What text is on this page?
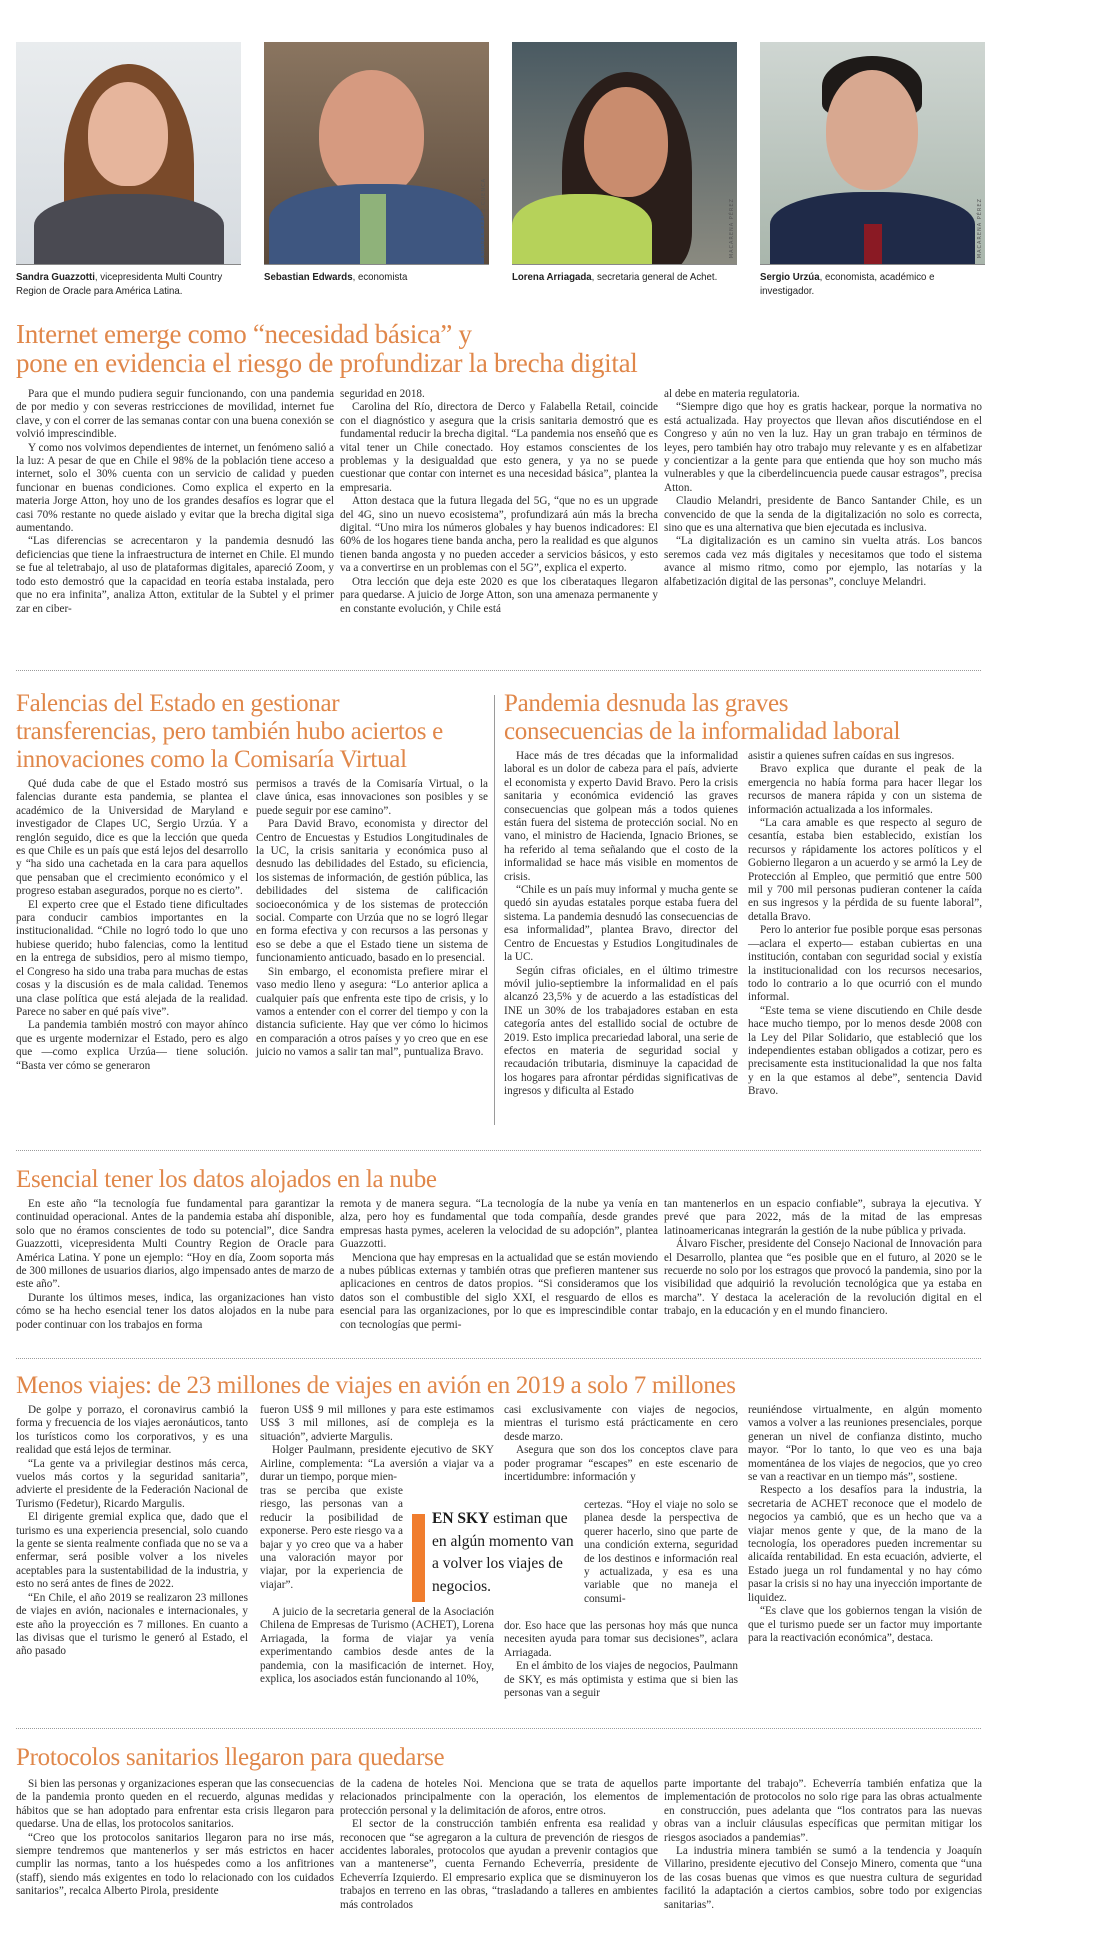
Sandra Guazzotti, vicepresidenta Multi Country Region de Oracle para América Latina.
ANDRÉS PÉREZ CUENCA
Sebastian Edwards, economista
MACARENA PÉREZ
Lorena Arriagada, secretaria general de Achet.
MACARENA PÉREZ
Sergio Urzúa, economista, académico e investigador.
Internet emerge como “necesidad básica” y
pone en evidencia el riesgo de profundizar la brecha digital

Para que el mundo pudiera seguir funcionando, con una pandemia de por medio y con severas restricciones de movilidad, internet fue clave, y con el correr de las semanas contar con una buena conexión se volvió imprescindible.

Y como nos volvimos dependientes de internet, un fenómeno salió a la luz: A pesar de que en Chile el 98% de la población tiene acceso a internet, solo el 30% cuenta con un servicio de calidad y pueden funcionar en buenas condiciones. Como explica el experto en la materia Jorge Atton, hoy uno de los grandes desafíos es lograr que el casi 70% restante no quede aislado y evitar que la brecha digital siga aumentando.

“Las diferencias se acrecentaron y la pandemia desnudó las deficiencias que tiene la infraestructura de internet en Chile. El mundo se fue al teletrabajo, al uso de plataformas digitales, apareció Zoom, y todo esto demostró que la capacidad en teoría estaba instalada, pero que no era infinita”, analiza Atton, extitular de la Subtel y el primer zar en ciber-

seguridad en 2018.

Carolina del Río, directora de Derco y Falabella Retail, coincide con el diagnóstico y asegura que la crisis sanitaria demostró que es fundamental reducir la brecha digital. “La pandemia nos enseñó que es vital tener un Chile conectado. Hoy estamos conscientes de los problemas y la desigualdad que esto genera, y ya no se puede cuestionar que contar con internet es una necesidad básica”, plantea la empresaria.

Atton destaca que la futura llegada del 5G, “que no es un upgrade del 4G, sino un nuevo ecosistema”, profundizará aún más la brecha digital. “Uno mira los números globales y hay buenos indicadores: El 60% de los hogares tiene banda ancha, pero la realidad es que algunos tienen banda angosta y no pueden acceder a servicios básicos, y esto va a convertirse en un problemas con el 5G”, explica el experto.

Otra lección que deja este 2020 es que los ciberataques llegaron para quedarse. A juicio de Jorge Atton, son una amenaza permanente y en constante evolución, y Chile está

al debe en materia regulatoria.

“Siempre digo que hoy es gratis hackear, porque la normativa no está actualizada. Hay proyectos que llevan años discutiéndose en el Congreso y aún no ven la luz. Hay un gran trabajo en términos de leyes, pero también hay otro trabajo muy relevante y es en alfabetizar y concientizar a la gente para que entienda que hoy son mucho más vulnerables y que la ciberdelincuencia puede causar estragos”, precisa Atton.

Claudio Melandri, presidente de Banco Santander Chile, es un convencido de que la senda de la digitalización no solo es correcta, sino que es una alternativa que bien ejecutada es inclusiva.

“La digitalización es un camino sin vuelta atrás. Los bancos seremos cada vez más digitales y necesitamos que todo el sistema avance al mismo ritmo, como por ejemplo, las notarías y la alfabetización digital de las personas”, concluye Melandri.

Falencias del Estado en gestionar
transferencias, pero también hubo aciertos e
innovaciones como la Comisaría Virtual

Qué duda cabe de que el Estado mostró sus falencias durante esta pandemia, se plantea el académico de la Universidad de Maryland e investigador de Clapes UC, Sergio Urzúa. Y a renglón seguido, dice es que la lección que queda es que Chile es un país que está lejos del desarrollo y “ha sido una cachetada en la cara para aquellos que pensaban que el crecimiento económico y el progreso estaban asegurados, porque no es cierto”.

El experto cree que el Estado tiene dificultades para conducir cambios importantes en la institucionalidad. “Chile no logró todo lo que uno hubiese querido; hubo falencias, como la lentitud en la entrega de subsidios, pero al mismo tiempo, el Congreso ha sido una traba para muchas de estas cosas y la discusión es de mala calidad. Tenemos una clase política que está alejada de la realidad. Parece no saber en qué país vive”.

La pandemia también mostró con mayor ahínco que es urgente modernizar el Estado, pero es algo que —como explica Urzúa— tiene solución. “Basta ver cómo se generaron

permisos a través de la Comisaría Virtual, o la clave única, esas innovaciones son posibles y se puede seguir por ese camino”.

Para David Bravo, economista y director del Centro de Encuestas y Estudios Longitudinales de la UC, la crisis sanitaria y económica puso al desnudo las debilidades del Estado, su eficiencia, los sistemas de información, de gestión pública, las debilidades del sistema de calificación socioeconómica y de los sistemas de protección social. Comparte con Urzúa que no se logró llegar en forma efectiva y con recursos a las personas y eso se debe a que el Estado tiene un sistema de funcionamiento anticuado, basado en lo presencial.

Sin embargo, el economista prefiere mirar el vaso medio lleno y asegura: “Lo anterior aplica a cualquier país que enfrenta este tipo de crisis, y lo vamos a entender con el correr del tiempo y con la distancia suficiente. Hay que ver cómo lo hicimos en comparación a otros países y yo creo que en ese juicio no vamos a salir tan mal”, puntualiza Bravo.

Pandemia desnuda las graves
consecuencias de la informalidad laboral

Hace más de tres décadas que la informalidad laboral es un dolor de cabeza para el país, advierte el economista y experto David Bravo. Pero la crisis sanitaria y económica evidenció las graves consecuencias que golpean más a todos quienes están fuera del sistema de protección social. No en vano, el ministro de Hacienda, Ignacio Briones, se ha referido al tema señalando que el costo de la informalidad se hace más visible en momentos de crisis.

“Chile es un país muy informal y mucha gente se quedó sin ayudas estatales porque estaba fuera del sistema. La pandemia desnudó las consecuencias de esa informalidad”, plantea Bravo, director del Centro de Encuestas y Estudios Longitudinales de la UC.

Según cifras oficiales, en el último trimestre móvil julio-septiembre la informalidad en el país alcanzó 23,5% y de acuerdo a las estadísticas del INE un 30% de los trabajadores estaban en esta categoría antes del estallido social de octubre de 2019. Esto implica precariedad laboral, una serie de efectos en materia de seguridad social y recaudación tributaria, disminuye la capacidad de los hogares para afrontar pérdidas significativas de ingresos y dificulta al Estado

asistir a quienes sufren caídas en sus ingresos.

Bravo explica que durante el peak de la emergencia no había forma para hacer llegar los recursos de manera rápida y con un sistema de información actualizada a los informales.

“La cara amable es que respecto al seguro de cesantía, estaba bien establecido, existían los recursos y rápidamente los actores políticos y el Gobierno llegaron a un acuerdo y se armó la Ley de Protección al Empleo, que permitió que entre 500 mil y 700 mil personas pudieran contener la caída en sus ingresos y la pérdida de su fuente laboral”, detalla Bravo.

Pero lo anterior fue posible porque esas personas —aclara el experto— estaban cubiertas en una institución, contaban con seguridad social y existía la institucionalidad con los recursos necesarios, todo lo contrario a lo que ocurrió con el mundo informal.

“Este tema se viene discutiendo en Chile desde hace mucho tiempo, por lo menos desde 2008 con la Ley del Pilar Solidario, que estableció que los independientes estaban obligados a cotizar, pero es precisamente esta institucionalidad la que nos falta y en la que estamos al debe”, sentencia David Bravo.

Esencial tener los datos alojados en la nube

En este año “la tecnología fue fundamental para garantizar la continuidad operacional. Antes de la pandemia estaba ahí disponible, solo que no éramos conscientes de todo su potencial”, dice Sandra Guazzotti, vicepresidenta Multi Country Region de Oracle para América Latina. Y pone un ejemplo: “Hoy en día, Zoom soporta más de 300 millones de usuarios diarios, algo impensado antes de marzo de este año”.

Durante los últimos meses, indica, las organizaciones han visto cómo se ha hecho esencial tener los datos alojados en la nube para poder continuar con los trabajos en forma

remota y de manera segura. “La tecnología de la nube ya venía en alza, pero hoy es fundamental que toda compañía, desde grandes empresas hasta pymes, aceleren la velocidad de su adopción”, plantea Guazzotti.

Menciona que hay empresas en la actualidad que se están moviendo a nubes públicas externas y también otras que prefieren mantener sus aplicaciones en centros de datos propios. “Si consideramos que los datos son el combustible del siglo XXI, el resguardo de ellos es esencial para las organizaciones, por lo que es imprescindible contar con tecnologías que permi-

tan mantenerlos en un espacio confiable”, subraya la ejecutiva. Y prevé que para 2022, más de la mitad de las empresas latinoamericanas integrarán la gestión de la nube pública y privada.

Álvaro Fischer, presidente del Consejo Nacional de Innovación para el Desarrollo, plantea que “es posible que en el futuro, al 2020 se le recuerde no solo por los estragos que provocó la pandemia, sino por la visibilidad que adquirió la revolución tecnológica que ya estaba en marcha”. Y destaca la aceleración de la revolución digital en el trabajo, en la educación y en el mundo financiero.

Menos viajes: de 23 millones de viajes en avión en 2019 a solo 7 millones

De golpe y porrazo, el coronavirus cambió la forma y frecuencia de los viajes aeronáuticos, tanto los turísticos como los corporativos, y es una realidad que está lejos de terminar.

“La gente va a privilegiar destinos más cerca, vuelos más cortos y la seguridad sanitaria”, advierte el presidente de la Federación Nacional de Turismo (Fedetur), Ricardo Margulis.

El dirigente gremial explica que, dado que el turismo es una experiencia presencial, solo cuando la gente se sienta realmente confiada que no se va a enfermar, será posible volver a los niveles aceptables para la sustentabilidad de la industria, y esto no será antes de fines de 2022.

“En Chile, el año 2019 se realizaron 23 millones de viajes en avión, nacionales e internacionales, y este año la proyección es 7 millones. En cuanto a las divisas que el turismo le generó al Estado, el año pasado

fueron US$ 9 mil millones y para este estimamos US$ 3 mil millones, así de compleja es la situación”, advierte Margulis.

Holger Paulmann, presidente ejecutivo de SKY Airline, complementa: “La aversión a viajar va a durar un tiempo, porque mien-

tras se perciba que existe riesgo, las personas van a reducir la posibilidad de exponerse. Pero este riesgo va a bajar y yo creo que va a haber una valoración mayor por viajar, por la experiencia de viajar”.

A juicio de la secretaria general de la Asociación Chilena de Empresas de Turismo (ACHET), Lorena Arriagada, la forma de viajar ya venía experimentando cambios desde antes de la pandemia, con la masificación de internet. Hoy, explica, los asociados están funcionando al 10%,

EN SKY estiman que en algún momento van a volver los viajes de negocios.

casi exclusivamente con viajes de negocios, mientras el turismo está prácticamente en cero desde marzo.

Asegura que son dos los conceptos clave para poder programar “escapes” en este escenario de incertidumbre: información y

certezas. “Hoy el viaje no solo se planea desde la perspectiva de querer hacerlo, sino que parte de una condición externa, seguridad de los destinos e información real y actualizada, y esa es una variable que no maneja el consumi-

dor. Eso hace que las personas hoy más que nunca necesiten ayuda para tomar sus decisiones”, aclara Arriagada.

En el ámbito de los viajes de negocios, Paulmann de SKY, es más optimista y estima que si bien las personas van a seguir

reuniéndose virtualmente, en algún momento vamos a volver a las reuniones presenciales, porque generan un nivel de confianza distinto, mucho mayor. “Por lo tanto, lo que veo es una baja momentánea de los viajes de negocios, que yo creo se van a reactivar en un tiempo más”, sostiene.

Respecto a los desafíos para la industria, la secretaria de ACHET reconoce que el modelo de negocios ya cambió, que es un hecho que va a viajar menos gente y que, de la mano de la tecnología, los operadores pueden incrementar su alicaída rentabilidad. En esta ecuación, advierte, el Estado juega un rol fundamental y no hay cómo pasar la crisis si no hay una inyección importante de liquidez.

“Es clave que los gobiernos tengan la visión de que el turismo puede ser un factor muy importante para la reactivación económica”, destaca.

Protocolos sanitarios llegaron para quedarse

Si bien las personas y organizaciones esperan que las consecuencias de la pandemia pronto queden en el recuerdo, algunas medidas y hábitos que se han adoptado para enfrentar esta crisis llegaron para quedarse. Una de ellas, los protocolos sanitarios.

“Creo que los protocolos sanitarios llegaron para no irse más, siempre tendremos que mantenerlos y ser más estrictos en hacer cumplir las normas, tanto a los huéspedes como a los anfitriones (staff), siendo más exigentes en todo lo relacionado con los cuidados sanitarios”, recalca Alberto Pirola, presidente

de la cadena de hoteles Noi. Menciona que se trata de aquellos relacionados principalmente con la operación, los elementos de protección personal y la delimitación de aforos, entre otros.

El sector de la construcción también enfrenta esa realidad y reconocen que “se agregaron a la cultura de prevención de riesgos de accidentes laborales, protocolos que ayudan a prevenir contagios que van a mantenerse”, cuenta Fernando Echeverría, presidente de Echeverría Izquierdo. El empresario explica que se disminuyeron los trabajos en terreno en las obras, “trasladando a talleres en ambientes más controlados

parte importante del trabajo”. Echeverría también enfatiza que la implementación de protocolos no solo rige para las obras actualmente en construcción, pues adelanta que “los contratos para las nuevas obras van a incluir cláusulas específicas que permitan mitigar los riesgos asociados a pandemias”.

La industria minera también se sumó a la tendencia y Joaquín Villarino, presidente ejecutivo del Consejo Minero, comenta que “una de las cosas buenas que vimos es que nuestra cultura de seguridad facilitó la adaptación a ciertos cambios, sobre todo por exigencias sanitarias”.
